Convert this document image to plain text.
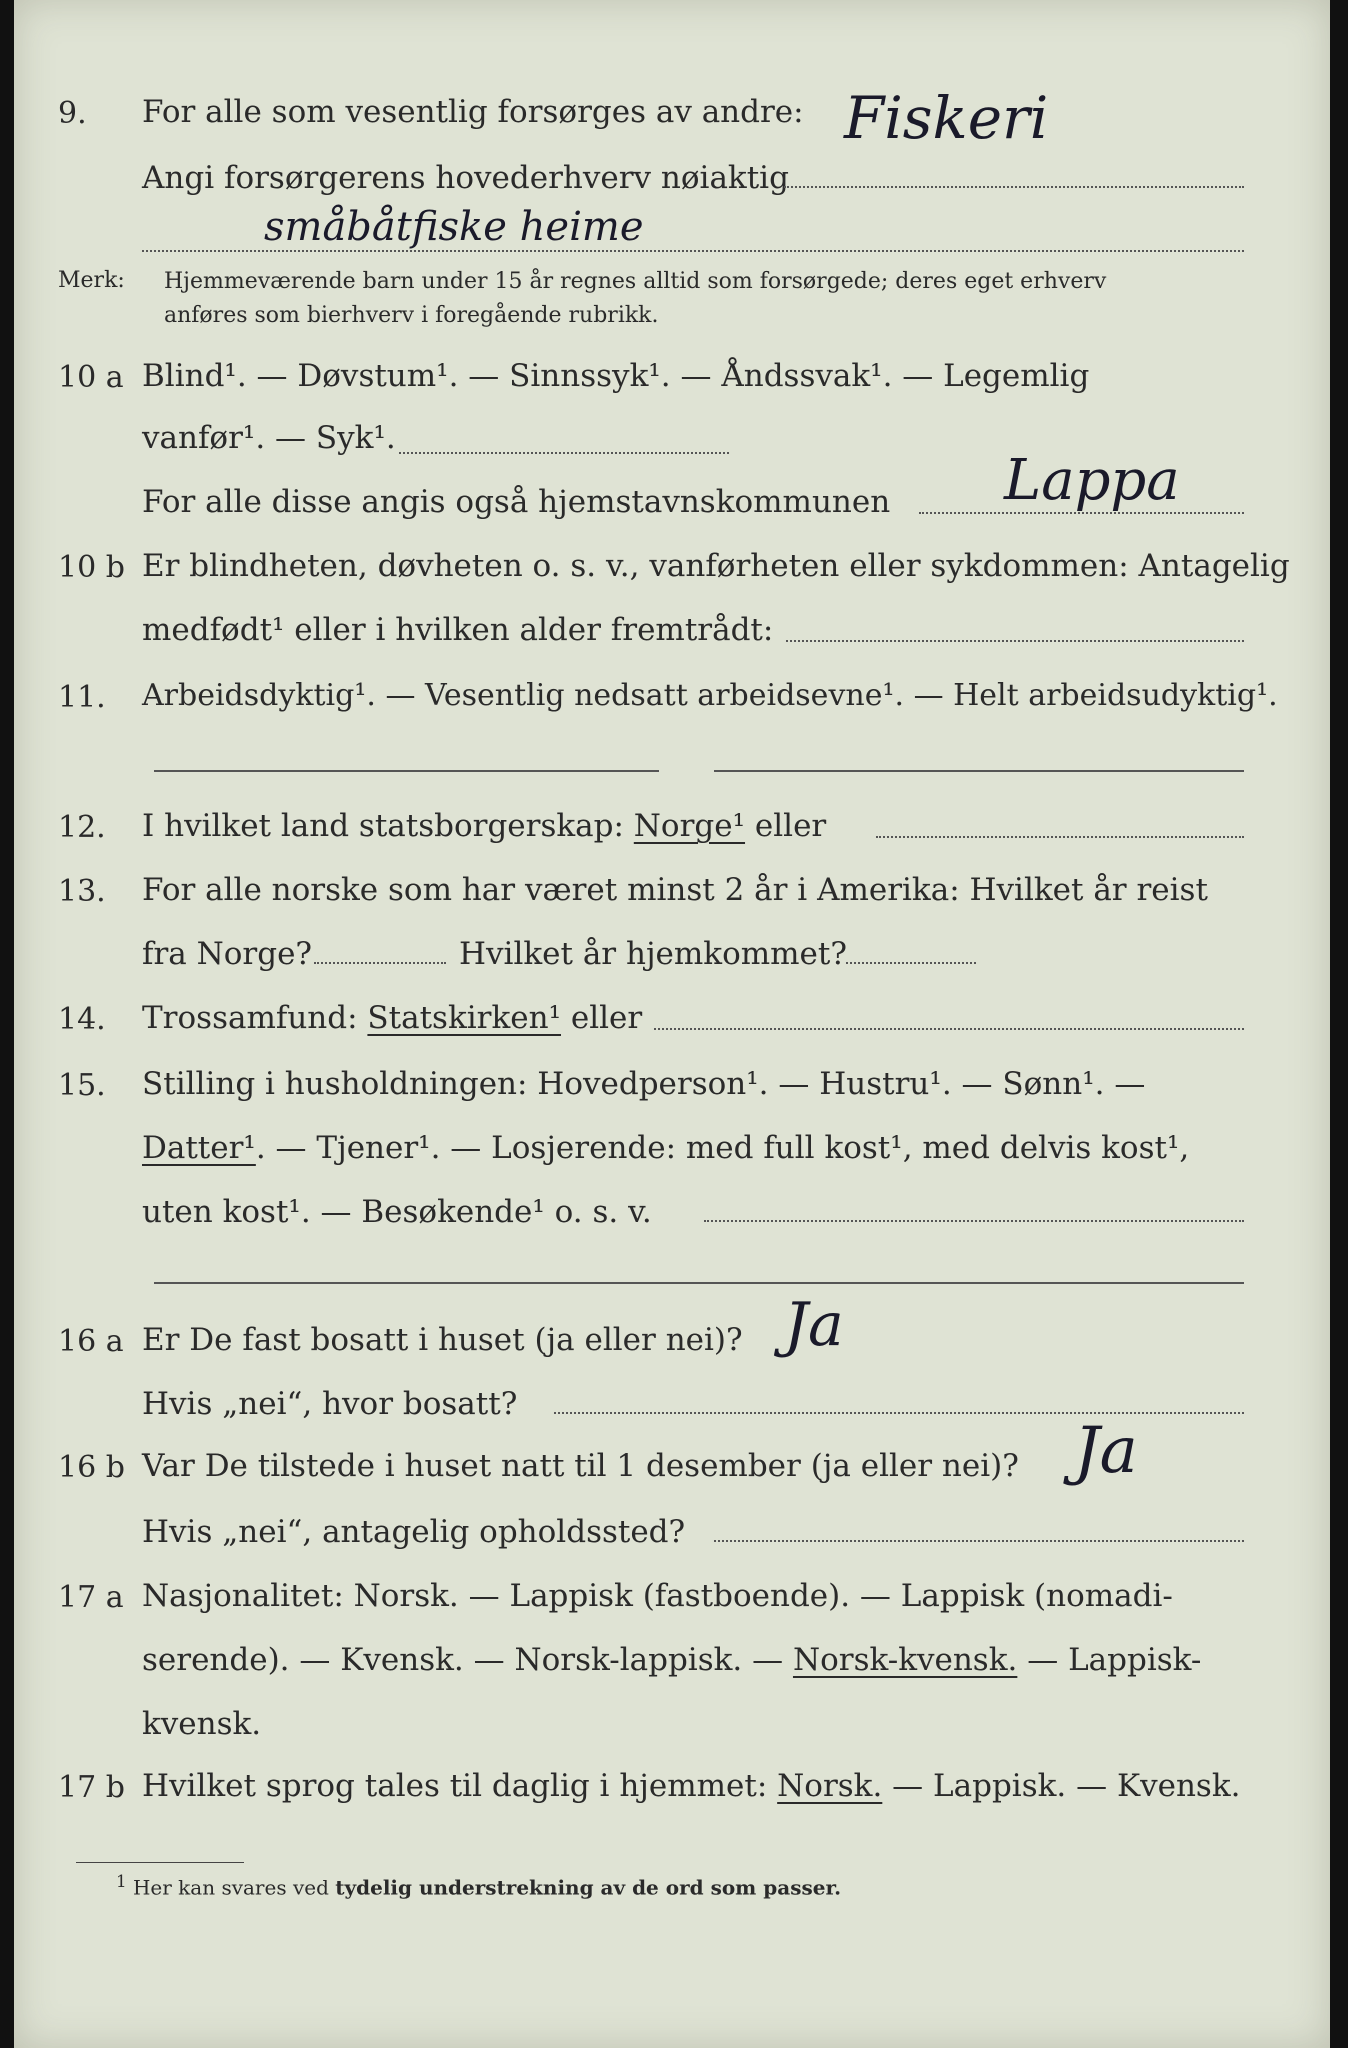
9. For alle som vesentlig forsørges av andre: Fiskeri
Angi forsørgerens hovederhverv nøiaktig
småbåtfiske heime
Merk: Hjemmeværende barn under 15 år regnes alltid som forsørgede; deres eget erhverv
anføres som bierhverv i foregående rubrikk.
10 a Blind¹. — Døvstum¹. — Sinnssyk¹. — Åndssvak¹. — Legemlig
vanfør¹. — Syk¹.
For alle disse angis også hjemstavnskommunen Lappa
10 b Er blindheten, døvheten o. s. v., vanførheten eller sykdommen: Antagelig
medfødt¹ eller i hvilken alder fremtrådt:
11. Arbeidsdyktig¹. — Vesentlig nedsatt arbeidsevne¹. — Helt arbeidsudyktig¹.
12. I hvilket land statsborgerskap: Norge¹ eller
13. For alle norske som har været minst 2 år i Amerika: Hvilket år reist
fra Norge?	Hvilket år hjemkommet?
14. Trossamfund: Statskirken¹ eller
15. Stilling i husholdningen: Hovedperson¹. — Hustru¹. — Sønn¹. —
Datter¹. — Tjener¹. — Losjerende: med full kost¹, med delvis kost¹,
uten kost¹. — Besøkende¹ o. s. v.
16 a Er De fast bosatt i huset (ja eller nei)? Ja
Hvis „nei“, hvor bosatt?
16 b Var De tilstede i huset natt til 1 desember (ja eller nei)? Ja
Hvis „nei“, antagelig opholdssted?
17 a Nasjonalitet: Norsk. — Lappisk (fastboende). — Lappisk (nomadi-
serende). — Kvensk. — Norsk-lappisk. — Norsk-kvensk. — Lappisk-
kvensk.
17 b Hvilket sprog tales til daglig i hjemmet: Norsk. — Lappisk. — Kvensk.
$^1$ Her kan svares ved tydelig understrekning av de ord som passer.
